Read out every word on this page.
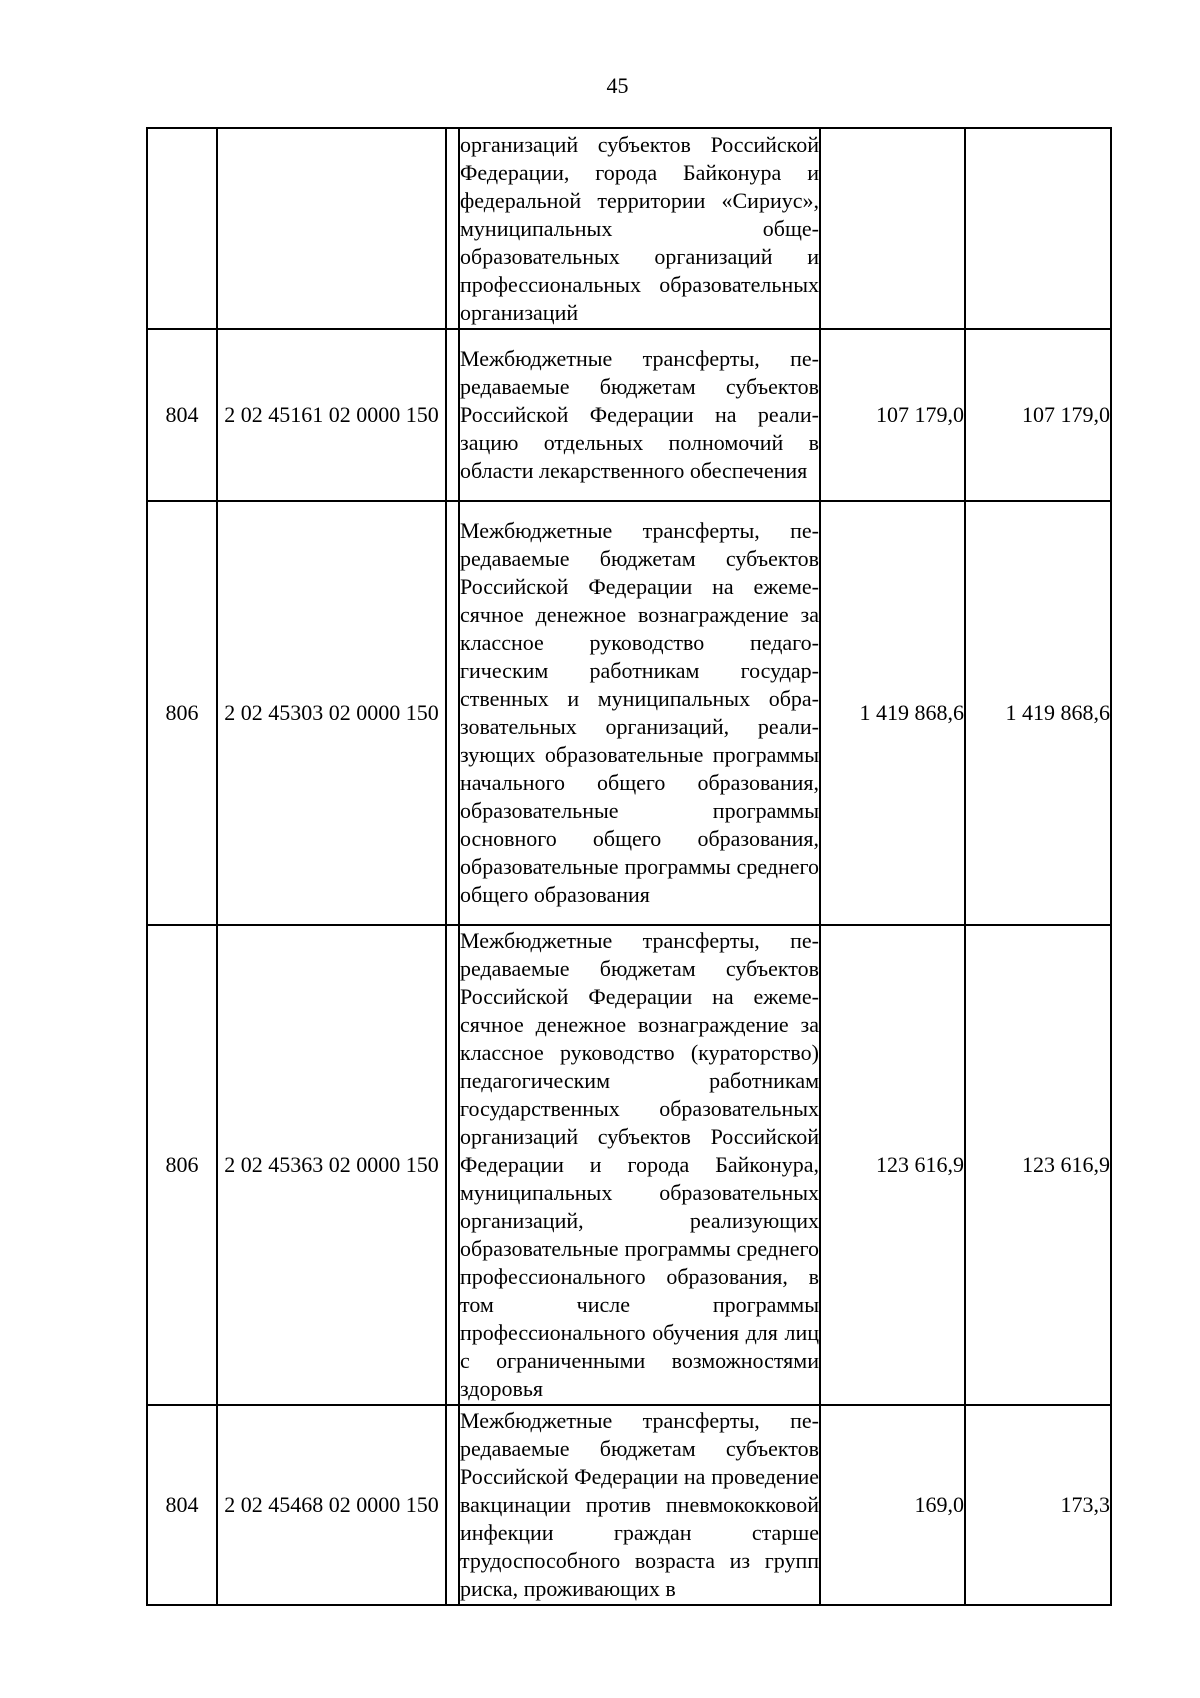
45
			организаций субъектов Российской Федерации, города Байконура и федеральной территории «Сириус», муниципальных общеобразовательных организаций и профессиональных образовательных организаций		
804	2 02 45161 02 0000 150		Межбюджетные трансферты, передаваемые бюджетам субъектов Российской Федерации на реализацию отдельных полномочий в области лекарственного обеспечения	107 179,0	107 179,0
806	2 02 45303 02 0000 150		Межбюджетные трансферты, передаваемые бюджетам субъектов Российской Федерации на ежемесячное денежное вознаграждение за классное руководство педагогическим работникам государственных и муниципальных образовательных организаций, реализующих образовательные программы начального общего образования, образовательные программы основного общего образования, образовательные программы среднего общего образования	1 419 868,6	1 419 868,6
806	2 02 45363 02 0000 150		Межбюджетные трансферты, передаваемые бюджетам субъектов Российской Федерации на ежемесячное денежное вознаграждение за классное руководство (кураторство) педагогическим работникам государственных образовательных организаций субъектов Российской Федерации и города Байконура, муниципальных образовательных организаций, реализующих образовательные программы среднего профессионального образования, в том числе программы профессионального обучения для лиц с ограниченными возможностями здоровья	123 616,9	123 616,9
804	2 02 45468 02 0000 150		Межбюджетные трансферты, передаваемые бюджетам субъектов Российской Федерации на проведение вакцинации против пневмококковой инфекции граждан старше трудоспособного возраста из групп риска, проживающих в	169,0	173,3
